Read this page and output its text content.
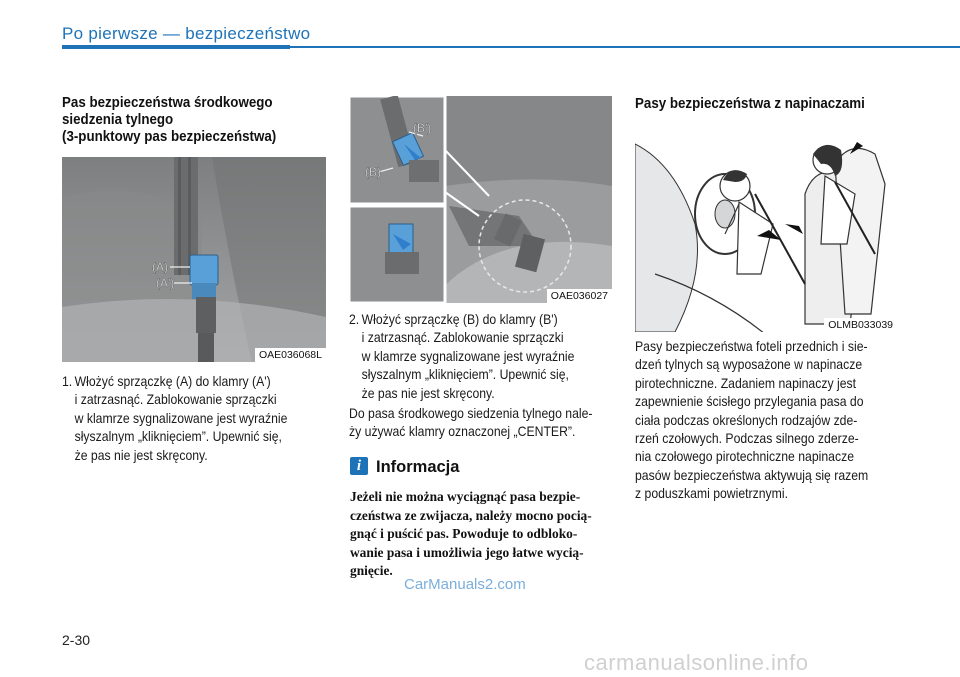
Po pierwsze — bezpieczeństwo
Pas bezpieczeństwa środkowego
siedzenia tylnego
(3-punktowy pas bezpieczeństwa)
(A)
(A')
OAE036068L
1. Włożyć sprzączkę (A) do klamry (A')
i zatrzasnąć. Zablokowanie sprzączki
w klamrze sygnalizowane jest wyraźnie
słyszalnym „kliknięciem”. Upewnić się,
że pas nie jest skręcony.
(B)
(B')
OAE036027
2. Włożyć sprzączkę (B) do klamry (B')
i zatrzasnąć. Zablokowanie sprzączki
w klamrze sygnalizowane jest wyraźnie
słyszalnym „kliknięciem”. Upewnić się,
że pas nie jest skręcony.
Do pasa środkowego siedzenia tylnego nale-
ży używać klamry oznaczonej „CENTER”.
i Informacja
Jeżeli nie można wyciągnąć pasa bezpie-
czeństwa ze zwijacza, należy mocno pocią-
gnąć i puścić pas. Powoduje to odbloko-
wanie pasa i umożliwia jego łatwe wycią-
gnięcie.
CarManuals2.com
Pasy bezpieczeństwa z napinaczami
OLMB033039
Pasy bezpieczeństwa foteli przednich i sie-
dzeń tylnych są wyposażone w napinacze
pirotechniczne. Zadaniem napinaczy jest
zapewnienie ścisłego przylegania pasa do
ciała podczas określonych rodzajów zde-
rzeń czołowych. Podczas silnego zderze-
nia czołowego pirotechniczne napinacze
pasów bezpieczeństwa aktywują się razem
z poduszkami powietrznymi.
2-30
carmanualsonline.info
